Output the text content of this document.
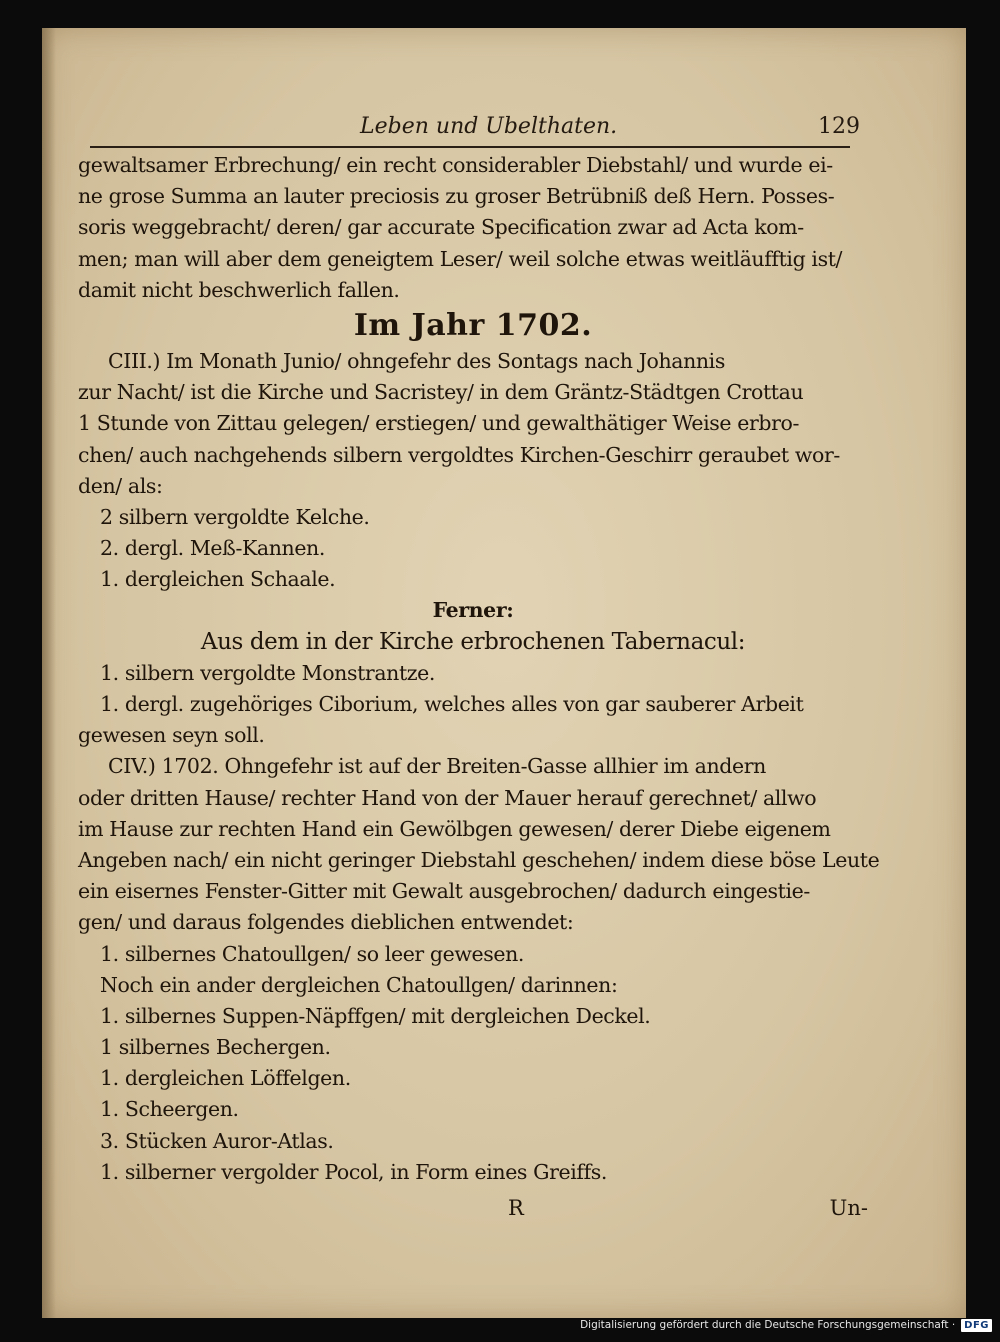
Leben und Ubelthaten.	129
gewaltsamer Erbrechung/ ein recht considerabler Diebstahl/ und wurde ei-
ne grose Summa an lauter preciosis zu groser Betrübniß deß Hern. Posses-
soris weggebracht/ deren/ gar accurate Specification zwar ad Acta kom-
men; man will aber dem geneigtem Leser/ weil solche etwas weitläufftig ist/
damit nicht beschwerlich fallen.
Im Jahr 1702.
CIII.) Im Monath Junio/ ohngefehr des Sontags nach Johannis
zur Nacht/ ist die Kirche und Sacristey/ in dem Gräntz-Städtgen Crottau
1 Stunde von Zittau gelegen/ erstiegen/ und gewalthätiger Weise erbro-
chen/ auch nachgehends silbern vergoldtes Kirchen-Geschirr geraubet wor-
den/ als:
2 silbern vergoldte Kelche.
2. dergl. Meß-Kannen.
1. dergleichen Schaale.
Ferner:
Aus dem in der Kirche erbrochenen Tabernacul:
1. silbern vergoldte Monstrantze.
1. dergl. zugehöriges Ciborium, welches alles von gar sauberer Arbeit
gewesen seyn soll.
CIV.) 1702. Ohngefehr ist auf der Breiten-Gasse allhier im andern
oder dritten Hause/ rechter Hand von der Mauer herauf gerechnet/ allwo
im Hause zur rechten Hand ein Gewölbgen gewesen/ derer Diebe eigenem
Angeben nach/ ein nicht geringer Diebstahl geschehen/ indem diese böse Leute
ein eisernes Fenster-Gitter mit Gewalt ausgebrochen/ dadurch eingestie-
gen/ und daraus folgendes dieblichen entwendet:
1. silbernes Chatoullgen/ so leer gewesen.
Noch ein ander dergleichen Chatoullgen/ darinnen:
1. silbernes Suppen-Näpffgen/ mit dergleichen Deckel.
1 silbernes Bechergen.
1. dergleichen Löffelgen.
1. Scheergen.
3. Stücken Auror-Atlas.
1. silberner vergolder Pocol, in Form eines Greiffs.
R	Un-
Digitalisierung gefördert durch die Deutsche Forschungsgemeinschaft · DFG
